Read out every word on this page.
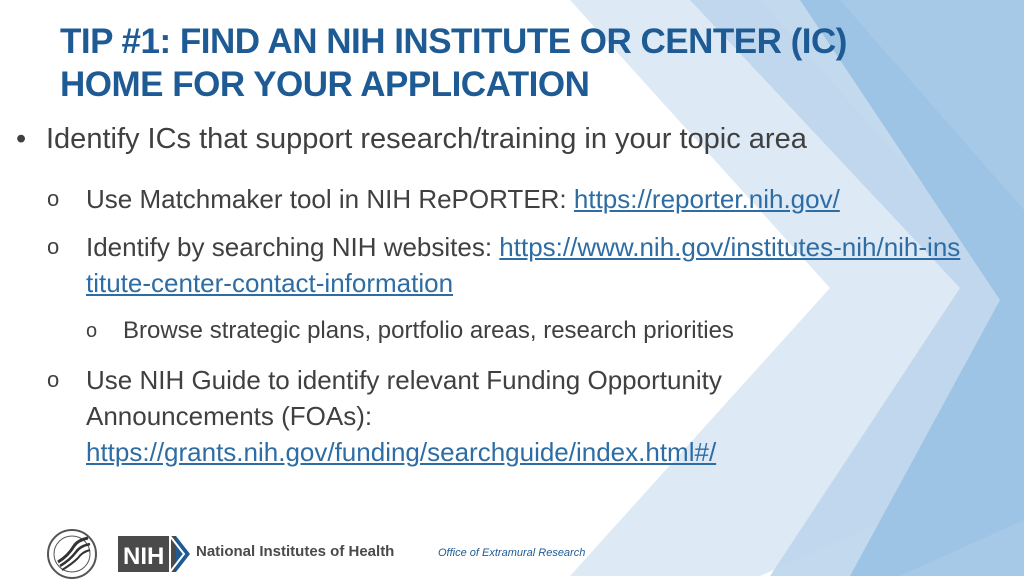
TIP #1: FIND AN NIH INSTITUTE OR CENTER (IC)
HOME FOR YOUR APPLICATION
• Identify ICs that support research/training in your topic area
o Use Matchmaker tool in NIH RePORTER: https://reporter.nih.gov/
o Identify by searching NIH websites: https://www.nih.gov/institutes-nih/nih-institute-center-contact-information
o Browse strategic plans, portfolio areas, research priorities
o Use NIH Guide to identify relevant Funding Opportunity Announcements (FOAs):
https://grants.nih.gov/funding/searchguide/index.html#/
NIH National Institutes of Health	Office of Extramural Research
